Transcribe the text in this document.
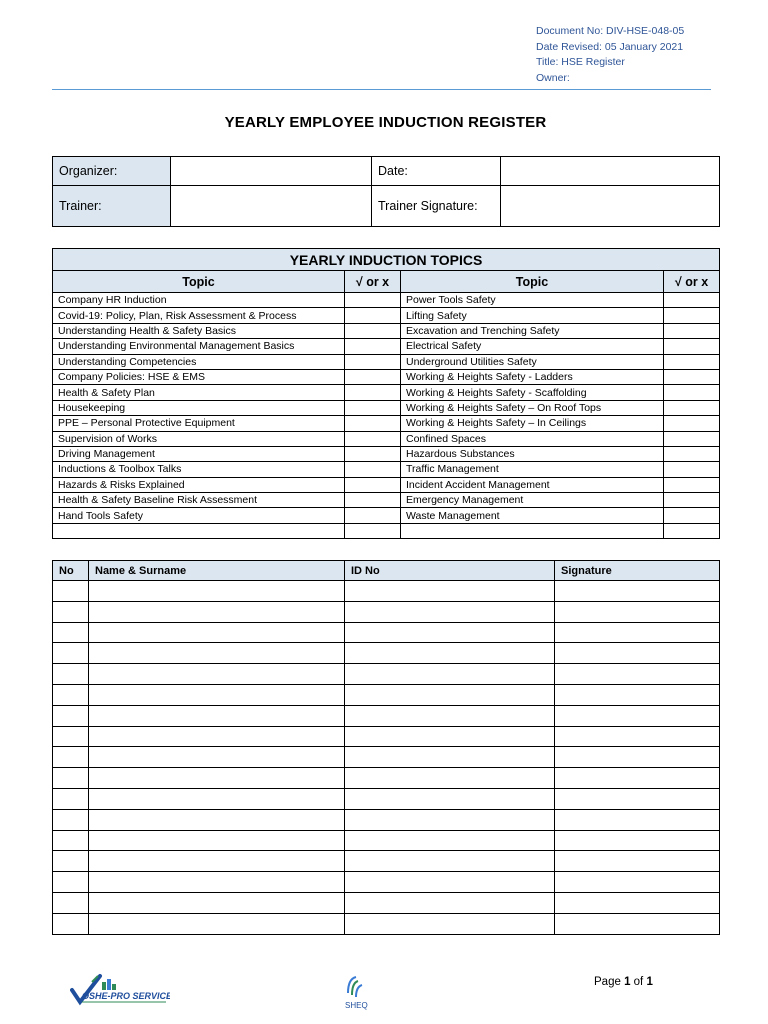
Document No: DIV-HSE-048-05
Date Revised: 05 January 2021
Title: HSE Register
Owner:
YEARLY EMPLOYEE INDUCTION REGISTER
Organizer:		Date:	
Trainer:		Trainer Signature:	
YEARLY INDUCTION TOPICS			
Topic	√ or x	Topic	√ or x
Company HR Induction		Power Tools Safety	
Covid-19: Policy, Plan, Risk Assessment & Process		Lifting Safety	
Understanding Health & Safety Basics		Excavation and Trenching Safety	
Understanding Environmental Management Basics		Electrical Safety	
Understanding Competencies		Underground Utilities Safety	
Company Policies: HSE & EMS		Working & Heights Safety - Ladders	
Health & Safety Plan		Working & Heights Safety - Scaffolding	
Housekeeping		Working & Heights Safety – On Roof Tops	
PPE – Personal Protective Equipment		Working & Heights Safety – In Ceilings	
Supervision of Works		Confined Spaces	
Driving Management		Hazardous Substances	
Inductions & Toolbox Talks		Traffic Management	
Hazards & Risks Explained		Incident Accident Management	
Health & Safety Baseline Risk Assessment		Emergency Management	
Hand Tools Safety		Waste Management	

No	Name & Surname	ID No	Signature

OSHE-PRO SERVICES
SHEQ
Page 1 of 1
